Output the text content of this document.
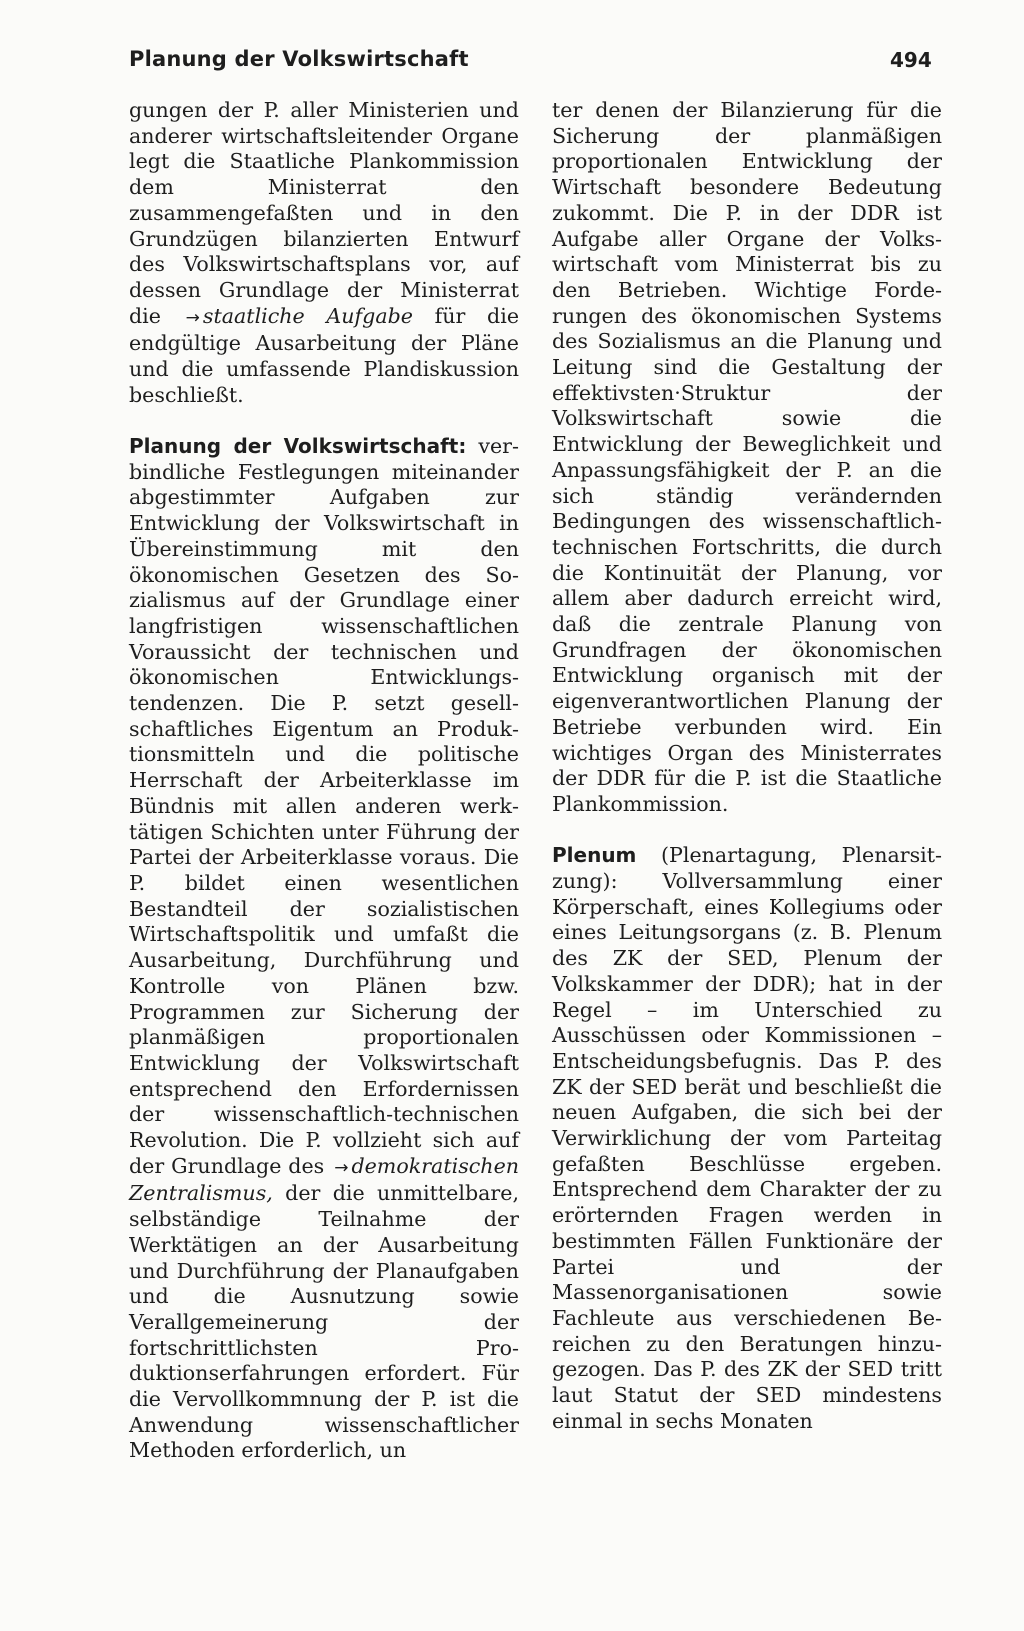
Planung der Volkswirtschaft	494

gungen der P. aller Ministerien und anderer wirtschaftsleitender Organe legt die Staatliche Plankommission dem Ministerrat den zusammengefaßten und in den Grundzügen bilanzierten Entwurf des Volkswirtschaftsplans vor, auf dessen Grundlage der Ministerrat die → staatliche Aufgabe für die endgültige Ausarbeitung der Pläne und die umfassende Plandiskussion beschließt.

Planung der Volkswirtschaft: verbindliche Festlegungen miteinander abgestimmter Aufgaben zur Entwicklung der Volkswirtschaft in Übereinstimmung mit den ökonomischen Gesetzen des Sozialismus auf der Grundlage einer langfristigen wissenschaftlichen Voraussicht der technischen und ökonomischen Entwicklungstendenzen. Die P. setzt gesellschaftliches Eigentum an Produktionsmitteln und die politische Herrschaft der Arbeiterklasse im Bündnis mit allen anderen werktätigen Schichten unter Führung der Partei der Arbeiterklasse voraus. Die P. bildet einen wesentlichen Bestandteil der sozialistischen Wirtschaftspolitik und umfaßt die Ausarbeitung, Durchführung und Kontrolle von Plänen bzw. Programmen zur Sicherung der planmäßigen proportionalen Entwicklung der Volkswirtschaft entsprechend den Erfordernissen der wissenschaftlich-technischen Revolution. Die P. vollzieht sich auf der Grundlage des → demokratischen Zentralismus, der die unmittelbare, selbständige Teilnahme der Werktätigen an der Ausarbeitung und Durchführung der Planaufgaben und die Ausnutzung sowie Verallgemeinerung der fortschrittlichsten Produktionserfahrungen erfordert. Für die Vervollkommnung der P. ist die Anwendung wissenschaftlicher Methoden erforderlich, un

ter denen der Bilanzierung für die Sicherung der planmäßigen proportionalen Entwicklung der Wirtschaft besondere Bedeutung zukommt. Die P. in der DDR ist Aufgabe aller Organe der Volkswirtschaft vom Ministerrat bis zu den Betrieben. Wichtige Forderungen des ökonomischen Systems des Sozialismus an die Planung und Leitung sind die Gestaltung der effektivsten·Struktur der Volkswirtschaft sowie die Entwicklung der Beweglichkeit und Anpassungsfähigkeit der P. an die sich ständig verändernden Bedingungen des wissenschaftlich-technischen Fortschritts, die durch die Kontinuität der Planung, vor allem aber dadurch erreicht wird, daß die zentrale Planung von Grundfragen der ökonomischen Entwicklung organisch mit der eigenverantwortlichen Planung der Betriebe verbunden wird. Ein wichtiges Organ des Ministerrates der DDR für die P. ist die Staatliche Plankommission.

Plenum (Plenartagung, Plenarsitzung): Vollversammlung einer Körperschaft, eines Kollegiums oder eines Leitungsorgans (z. B. Plenum des ZK der SED, Plenum der Volkskammer der DDR); hat in der Regel – im Unterschied zu Ausschüssen oder Kommissionen – Entscheidungsbefugnis. Das P. des ZK der SED berät und beschließt die neuen Aufgaben, die sich bei der Verwirklichung der vom Parteitag gefaßten Beschlüsse ergeben. Entsprechend dem Charakter der zu erörternden Fragen werden in bestimmten Fällen Funktionäre der Partei und der Massenorganisationen sowie Fachleute aus verschiedenen Bereichen zu den Beratungen hinzugezogen. Das P. des ZK der SED tritt laut Statut der SED mindestens einmal in sechs Monaten
